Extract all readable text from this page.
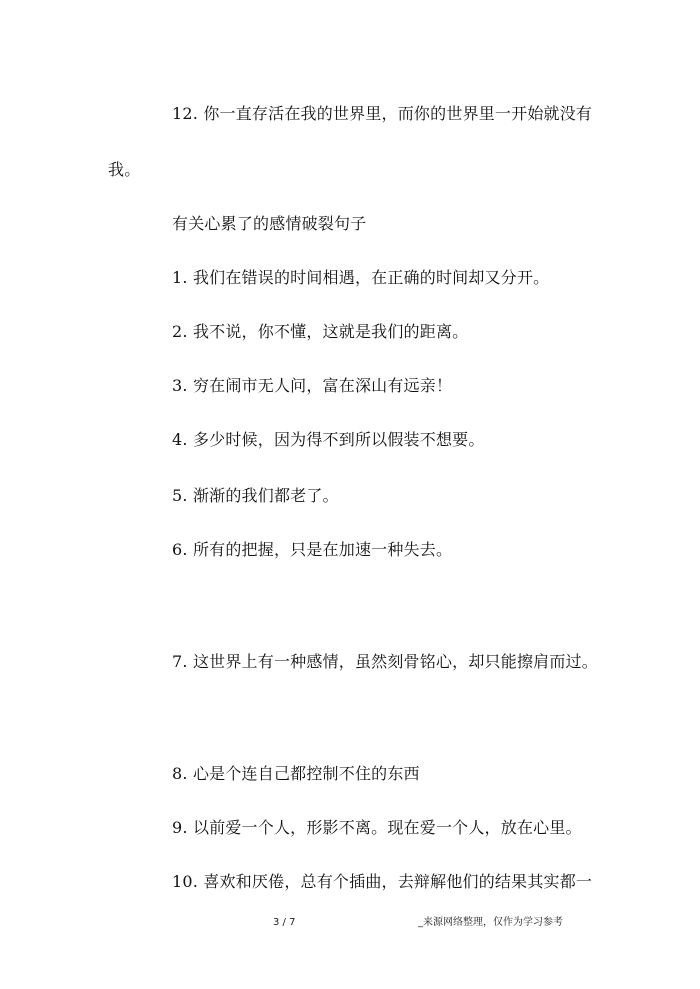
12. 你一直存活在我的世界里，而你的世界里一开始就没有
我。
有关心累了的感情破裂句子
1. 我们在错误的时间相遇，在正确的时间却又分开。
2. 我不说，你不懂，这就是我们的距离。
3. 穷在闹市无人问，富在深山有远亲！
4. 多少时候，因为得不到所以假装不想要。
5. 渐渐的我们都老了。
6. 所有的把握，只是在加速一种失去。
7. 这世界上有一种感情，虽然刻骨铭心，却只能擦肩而过。
8. 心是个连自己都控制不住的东西
9. 以前爱一个人，形影不离。现在爱一个人，放在心里。
10. 喜欢和厌倦，总有个插曲，去辩解他们的结果其实都一
3 / 7	_来源网络整理，仅作为学习参考
